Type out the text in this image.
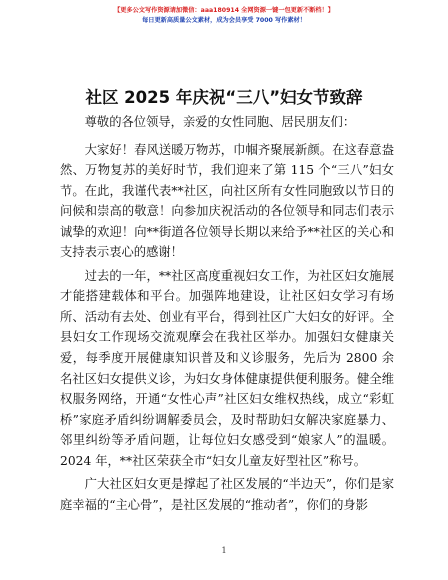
【更多公文写作资源请加微信：aaa180914 全网资源一键一包更新不断档！】
每日更新高质量公文素材，成为会员享受 7000 写作素材！
社区 2025 年庆祝“三八”妇女节致辞

尊敬的各位领导，亲爱的女性同胞、居民朋友们：

大家好！春风送暖万物苏，巾帼齐聚展新颜。在这春意盎然、万物复苏的美好时节，我们迎来了第 115 个“三八”妇女节。在此，我谨代表**社区，向社区所有女性同胞致以节日的问候和崇高的敬意！向参加庆祝活动的各位领导和同志们表示诚挚的欢迎！向**街道各位领导长期以来给予**社区的关心和支持表示衷心的感谢！

过去的一年，**社区高度重视妇女工作，为社区妇女施展才能搭建载体和平台。加强阵地建设，让社区妇女学习有场所、活动有去处、创业有平台，得到社区广大妇女的好评。全县妇女工作现场交流观摩会在我社区举办。加强妇女健康关爱，每季度开展健康知识普及和义诊服务，先后为 2800 余名社区妇女提供义诊，为妇女身体健康提供便利服务。健全维权服务网络，开通“女性心声”社区妇女维权热线，成立“彩虹桥”家庭矛盾纠纷调解委员会，及时帮助妇女解决家庭暴力、邻里纠纷等矛盾问题，让每位妇女感受到“娘家人”的温暖。2024 年，**社区荣获全市“妇女儿童友好型社区”称号。

广大社区妇女更是撑起了社区发展的“半边天”，你们是家庭幸福的“主心骨”，是社区发展的“推动者”，你们的身影

1
